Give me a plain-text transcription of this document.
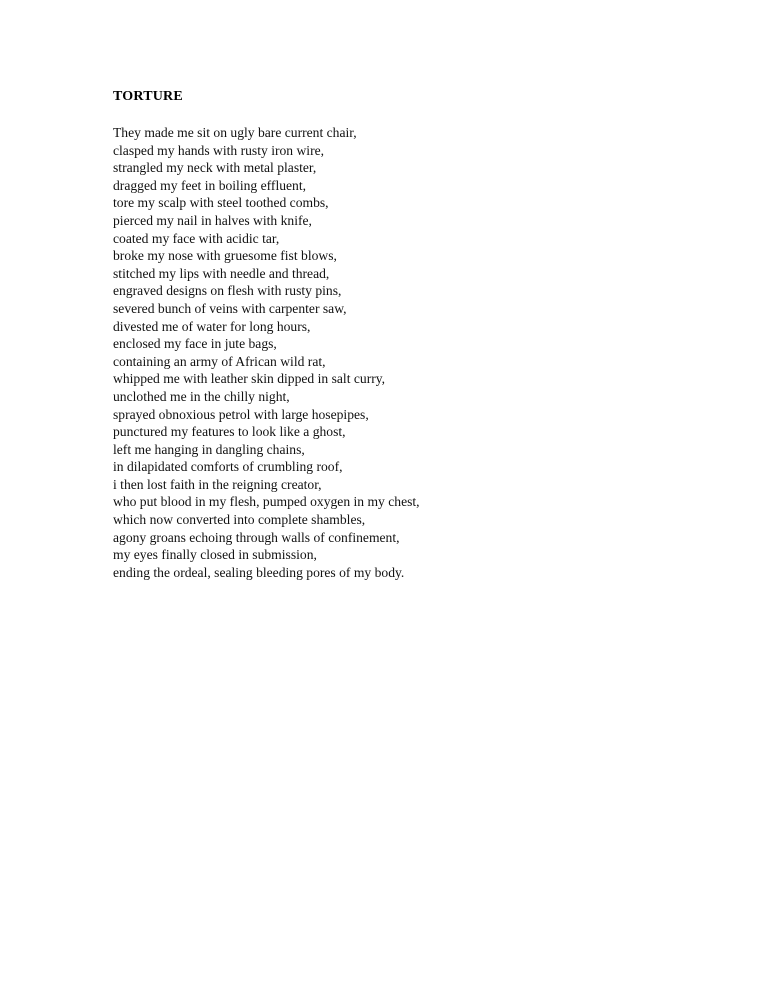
TORTURE
They made me sit on ugly bare current chair,
clasped my hands with rusty iron wire,
strangled my neck with metal plaster,
dragged my feet in boiling effluent,
tore my scalp with steel toothed combs,
pierced my nail in halves with knife,
coated my face with acidic tar,
broke my nose with gruesome fist blows,
stitched my lips with needle and thread,
engraved designs on flesh with rusty pins,
severed bunch of veins with carpenter saw,
divested me of water for long hours,
enclosed my face in jute bags,
containing an army of African wild rat,
whipped me with leather skin dipped in salt curry,
unclothed me in the chilly night,
sprayed obnoxious petrol with large hosepipes,
punctured my features to look like a ghost,
left me hanging in dangling chains,
in dilapidated comforts of crumbling roof,
i then lost faith in the reigning creator,
who put blood in my flesh, pumped oxygen in my chest,
which now converted into complete shambles,
agony groans echoing through walls of confinement,
my eyes finally closed in submission,
ending the ordeal, sealing bleeding pores of my body.
